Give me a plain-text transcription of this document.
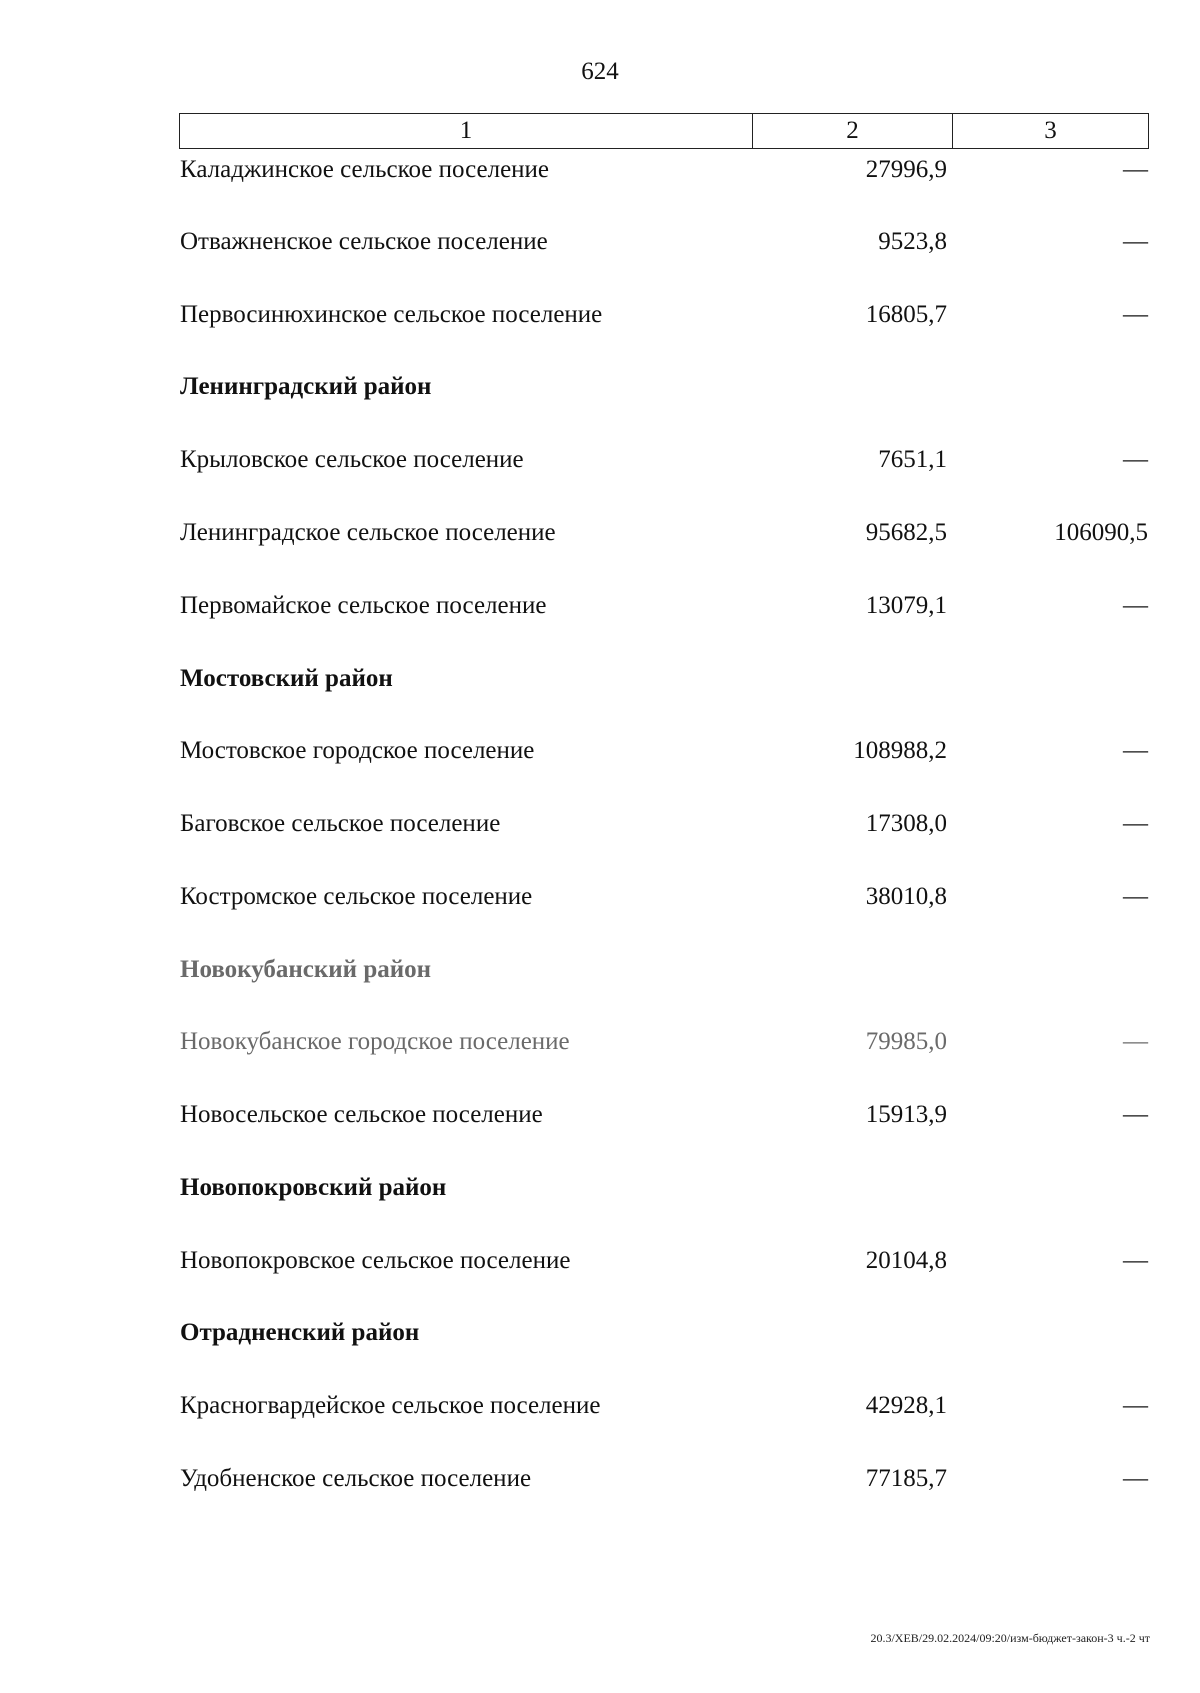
624
1	2	3
Каладжинское сельское поселение	27996,9	—
Отважненское сельское поселение	9523,8	—
Первосинюхинское сельское поселение	16805,7	—
Ленинградский район
Крыловское сельское поселение	7651,1	—
Ленинградское сельское поселение	95682,5	106090,5
Первомайское сельское поселение	13079,1	—
Мостовский район
Мостовское городское поселение	108988,2	—
Баговское сельское поселение	17308,0	—
Костромское сельское поселение	38010,8	—
Новокубанский район
Новокубанское городское поселение	79985,0	—
Новосельское сельское поселение	15913,9	—
Новопокровский район
Новопокровское сельское поселение	20104,8	—
Отрадненский район
Красногвардейское сельское поселение	42928,1	—
Удобненское сельское поселение	77185,7	—
20.3/ХЕВ/29.02.2024/09:20/изм-бюджет-закон-3 ч.-2 чт
